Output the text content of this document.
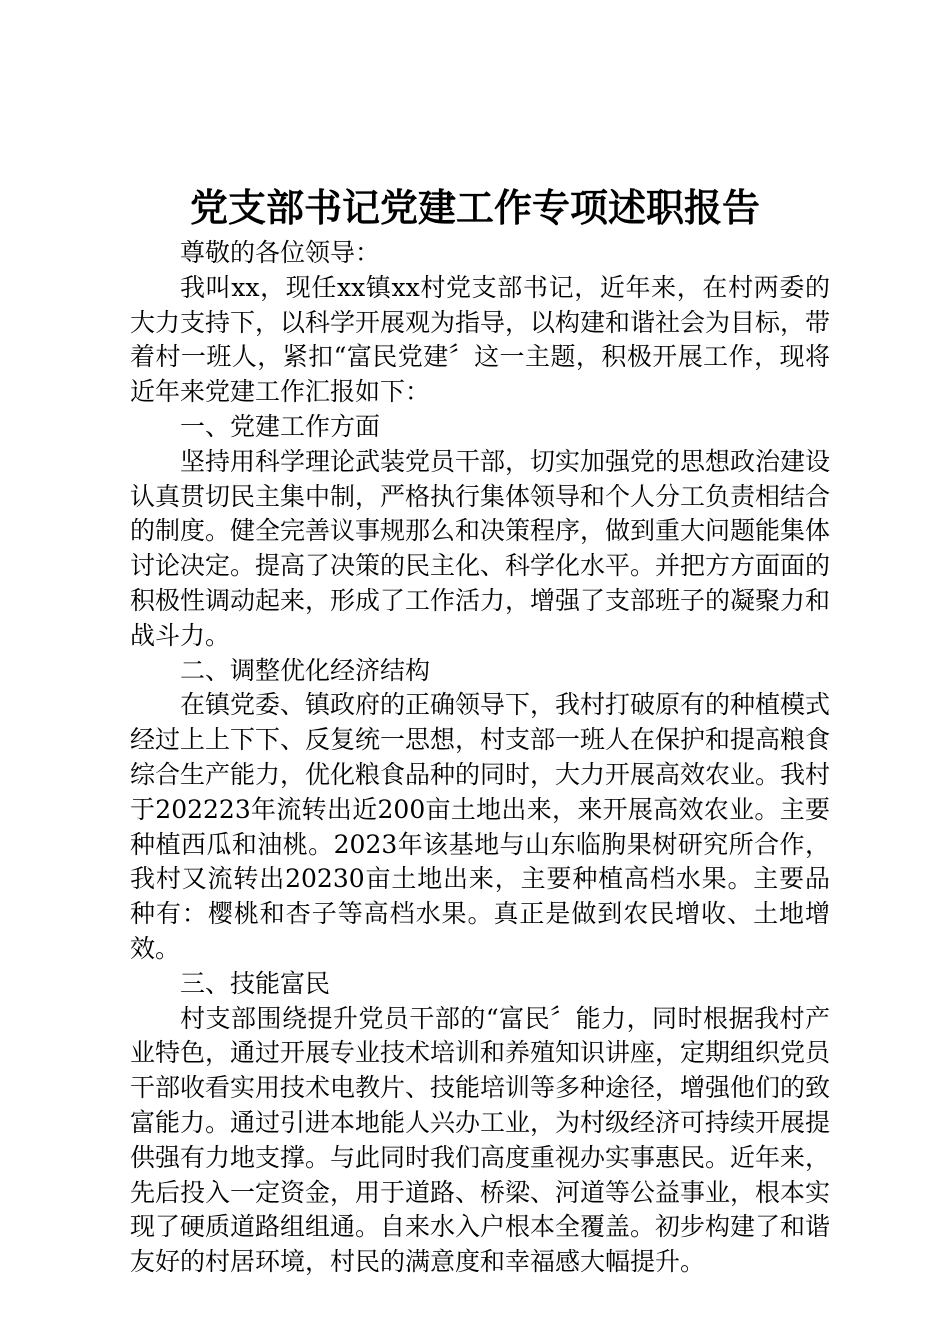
党支部书记党建工作专项述职报告

尊敬的各位领导：

我叫xx，现任xx镇xx村党支部书记，近年来，在村两委的大力支持下，以科学开展观为指导，以构建和谐社会为目标，带着村一班人，紧扣“富民党建〞这一主题，积极开展工作，现将近年来党建工作汇报如下：

一、党建工作方面

坚持用科学理论武装党员干部，切实加强党的思想政治建设认真贯切民主集中制，严格执行集体领导和个人分工负责相结合的制度。健全完善议事规那么和决策程序，做到重大问题能集体讨论决定。提高了决策的民主化、科学化水平。并把方方面面的积极性调动起来，形成了工作活力，增强了支部班子的凝聚力和战斗力。

二、调整优化经济结构

在镇党委、镇政府的正确领导下，我村打破原有的种植模式经过上上下下、反复统一思想，村支部一班人在保护和提高粮食综合生产能力，优化粮食品种的同时，大力开展高效农业。我村于202223年流转出近200亩土地出来，来开展高效农业。主要种植西瓜和油桃。2023年该基地与山东临朐果树研究所合作，我村又流转出20230亩土地出来，主要种植高档水果。主要品种有：樱桃和杏子等高档水果。真正是做到农民增收、土地增效。

三、技能富民

村支部围绕提升党员干部的“富民〞能力，同时根据我村产业特色，通过开展专业技术培训和养殖知识讲座，定期组织党员干部收看实用技术电教片、技能培训等多种途径，增强他们的致富能力。通过引进本地能人兴办工业，为村级经济可持续开展提供强有力地支撑。与此同时我们高度重视办实事惠民。近年来，先后投入一定资金，用于道路、桥梁、河道等公益事业，根本实现了硬质道路组组通。自来水入户根本全覆盖。初步构建了和谐友好的村居环境，村民的满意度和幸福感大幅提升。
